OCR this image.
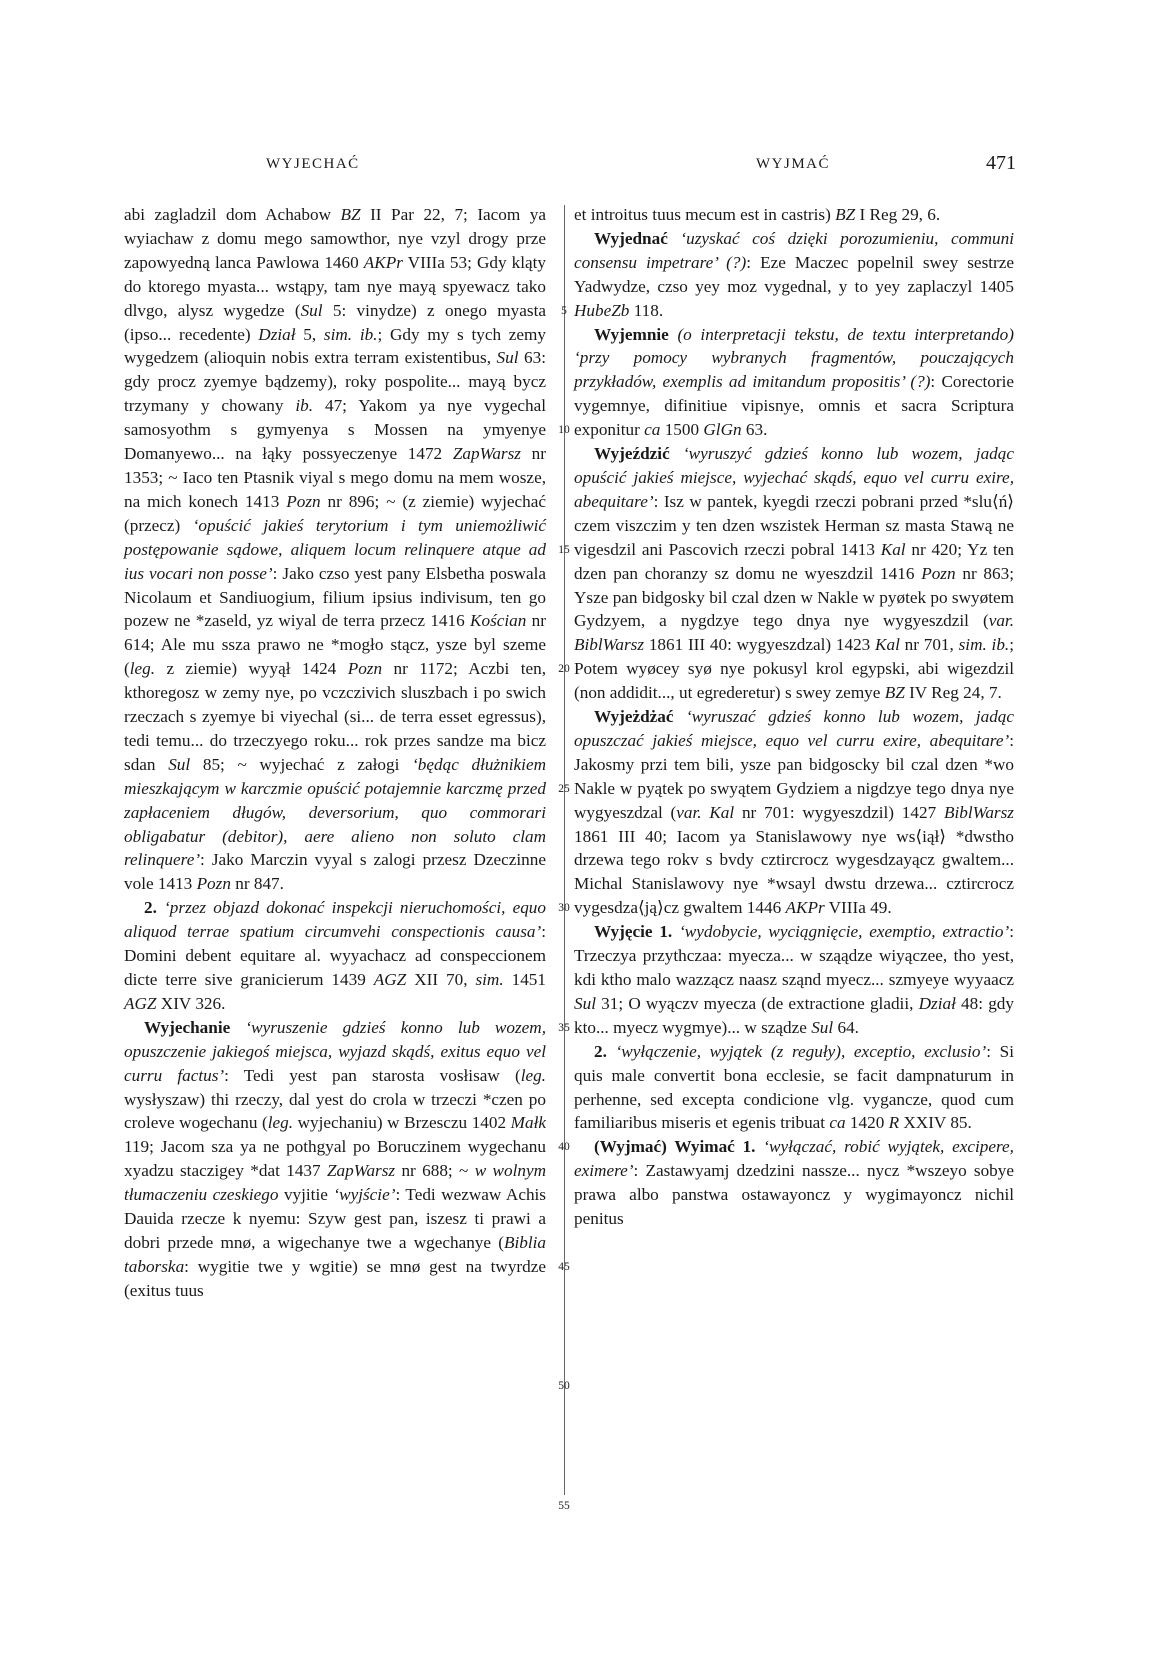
WYJECHAĆ	WYJMAĆ	471

abi zagladzil dom Achabow BZ II Par 22, 7; Iacom ya wyiachaw z domu mego samowthor, nye vzyl drogy prze zapowyedną lanca Pawlowa 1460 AKPr VIIIa 53; Gdy klątу do ktorego myasta... wstąpy, tam nye mayą spyewacz tako dlvgo, alysz wygedze (Sul 5: vinydze) z onego myasta (ipso... recedente) Dział 5, sim. ib.; Gdy my s tych zemy wygedzem (alioquin nobis extra terram existentibus, Sul 63: gdy procz zyemye bądzemy), roky pospolite... mayą bycz trzymany y chowany ib. 47; Yakom ya nye vygechal samosyothm s gymyenya s Mossen na ymyenye Domanyewo... na łąky possyeczenye 1472 ZapWarsz nr 1353; ~ Iaco ten Ptasnik viyal s mego domu na mem wosze, na mich konech 1413 Pozn nr 896; ~ (z ziemie) wyjechać (przecz) ‘opuścić jakieś terytorium i tym uniemożliwić postępowanie sądowe, aliquem locum relinquere atque ad ius vocari non posse’: Jako czso yest pany Elsbetha poswala Nicolaum et Sandiuogium, filium ipsius indivisum, ten go pozew ne *zaseld, yz wiyal de terra przecz 1416 Kościan nr 614; Ale mu ssza prawo ne *mogło stącz, ysze byl szeme (leg. z ziemie) wyyął 1424 Pozn nr 1172; Aczbi ten, kthoregosz w zemy nye, po vczczivich sluszbach i po swich rzeczach s zyemye bi viyechal (si... de terra esset egressus), tedi temu... do trzeczyego roku... rok przes sandze ma bicz sdan Sul 85; ~ wyjechać z załogi ‘będąc dłużnikiem mieszkającym w karczmie opuścić potajemnie karczmę przed zapłaceniem długów, deversorium, quo commorari obligabatur (debitor), aere alieno non soluto clam relinquere’: Jako Marczin vyyal s zalogi przesz Dzeczinne vole 1413 Pozn nr 847.

2. ‘przez objazd dokonać inspekcji nieruchomości, equo aliquod terrae spatium circumvehi conspectionis causa’: Domini debent equitare al. wyyachacz ad conspeccionem dicte terre sive granicierum 1439 AGZ XII 70, sim. 1451 AGZ XIV 326.

Wyjechanie ‘wyruszenie gdzieś konno lub wozem, opuszczenie jakiegoś miejsca, wyjazd skądś, exitus equo vel curru factus’: Tedi yest pan starosta vosłisaw (leg. wysłyszaw) thi rzeczy, dal yest do crola w trzeczi *czen po croleve wogechanu (leg. wyjechaniu) w Brzesczu 1402 Małk 119; Jacom sza ya ne pothgyal po Boruczinem wygechanu xyadzu staczigey *dat 1437 ZapWarsz nr 688; ~ w wolnym tłumaczeniu czeskiego vyjitie ‘wyjście’: Tedi wezwaw Achis Dauida rzecze k nyemu: Szyw gest pan, iszesz ti prawi a dobri przede mnø, a wigechanye twe a wgechanye (Biblia taborska: wygitie twe y wgitie) se mnø gest na twyrdze (exitus tuus

5
10
15
20
25
30
35
40
45
50
55

et introitus tuus mecum est in castris) BZ I Reg 29, 6.

Wyjednać ‘uzyskać coś dzięki porozumieniu, communi consensu impetrare’ (?): Eze Maczec popelnil swey sestrze Yadwydze, czso yey moz vygednal, y to yey zaplaczyl 1405 HubeZb 118.

Wyjemnie (o interpretacji tekstu, de textu interpretando) ‘przy pomocy wybranych fragmentów, pouczających przykładów, exemplis ad imitandum propositis’ (?): Corectorie vygemnye, difinitiue vipisnye, omnis et sacra Scriptura exponitur ca 1500 GlGn 63.

Wyjeździć ‘wyruszyć gdzieś konno lub wozem, jadąc opuścić jakieś miejsce, wyjechać skądś, equo vel curru exire, abequitare’: Isz w pantek, kyegdi rzeczi pobrani przed *slu⟨ń⟩czem viszczim y ten dzen wszistek Herman sz masta Stawą ne vigesdzil ani Pascovich rzeczi pobral 1413 Kal nr 420; Yz ten dzen pan choranzy sz domu ne wyeszdzil 1416 Pozn nr 863; Ysze pan bidgosky bil czal dzen w Nakle w pyøtek po swyøtem Gydzyem, a nygdzye tego dnya nye wygyeszdzil (var. BiblWarsz 1861 III 40: wygyeszdzal) 1423 Kal nr 701, sim. ib.; Potem wyøcey syø nye pokusyl krol egypski, abi wigezdzil (non addidit..., ut egrederetur) s swey zemye BZ IV Reg 24, 7.

Wyjeżdżać ‘wyruszać gdzieś konno lub wozem, jadąc opuszczać jakieś miejsce, equo vel curru exire, abequitare’: Jakosmy przi tem bili, ysze pan bidgoscky bil czal dzen *wo Nakle w pyątek po swyątem Gydziem a nigdzye tego dnya nye wygyeszdzal (var. Kal nr 701: wygyeszdzil) 1427 BiblWarsz 1861 III 40; Iacom ya Stanislawowy nye ws⟨iął⟩ *dwstho drzewa tego rokv s bvdy cztircrocz wygesdzayącz gwaltem... Michal Stanislawovy nye *wsayl dwstu drzewa... cztircrocz vygesdza⟨ją⟩cz gwaltem 1446 AKPr VIIIa 49.

Wyjęcie 1. ‘wydobycie, wyciągnięcie, exemptio, extractio’: Trzeczya przythczaa: myecza... w sząądze wiyączee, tho yest, kdi ktho malo wazzącz naasz sząnd myecz... szmyeye wyyaacz Sul 31; O wyączv myecza (de extractione gladii, Dział 48: gdy kto... myecz wygmye)... w sządze Sul 64.

2. ‘wyłączenie, wyjątek (z reguły), exceptio, exclusio’: Si quis male convertit bona ecclesie, se facit dampnaturum in perhenne, sed excepta condicione vlg. vygancze, quod cum familiaribus miseris et egenis tribuat ca 1420 R XXIV 85.

(Wyjmać) Wyimać 1. ‘wyłączać, robić wyjątek, excipere, eximere’: Zastawyamj dzedzini nassze... nycz *wszeyo sobye prawa albo panstwa ostawayoncz y wygimayoncz nichil penitus
